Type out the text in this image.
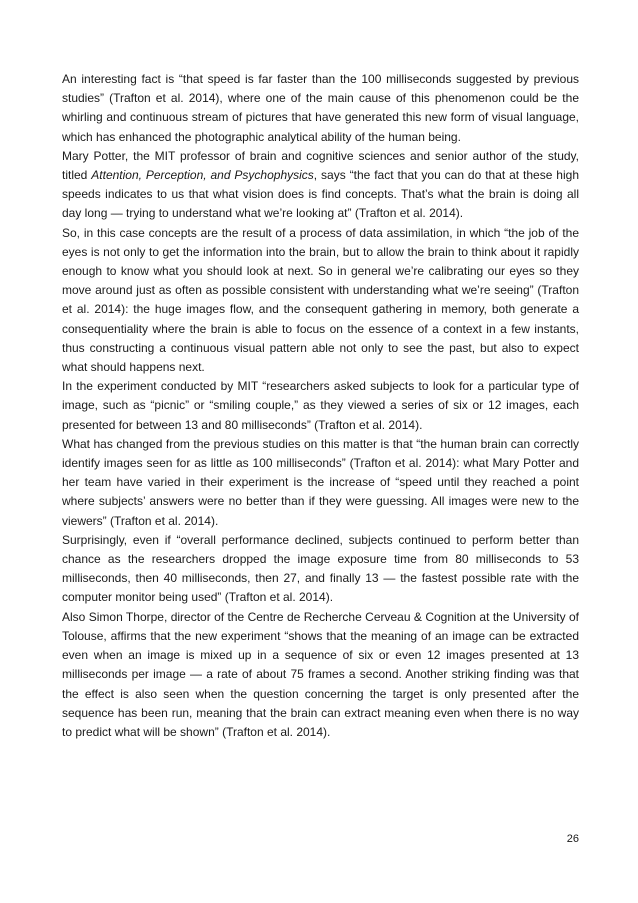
An interesting fact is “that speed is far faster than the 100 milliseconds suggested by previous studies” (Trafton et al. 2014), where one of the main cause of this phenomenon could be the whirling and continuous stream of pictures that have generated this new form of visual language, which has enhanced the photographic analytical ability of the human being.

Mary Potter, the MIT professor of brain and cognitive sciences and senior author of the study, titled Attention, Perception, and Psychophysics, says “the fact that you can do that at these high speeds indicates to us that what vision does is find concepts. That’s what the brain is doing all day long — trying to understand what we’re looking at” (Trafton et al. 2014).

So, in this case concepts are the result of a process of data assimilation, in which “the job of the eyes is not only to get the information into the brain, but to allow the brain to think about it rapidly enough to know what you should look at next. So in general we’re calibrating our eyes so they move around just as often as possible consistent with understanding what we’re seeing” (Trafton et al. 2014): the huge images flow, and the consequent gathering in memory, both generate a consequentiality where the brain is able to focus on the essence of a context in a few instants, thus constructing a continuous visual pattern able not only to see the past, but also to expect what should happens next.

In the experiment conducted by MIT “researchers asked subjects to look for a particular type of image, such as “picnic” or “smiling couple,” as they viewed a series of six or 12 images, each presented for between 13 and 80 milliseconds” (Trafton et al. 2014).

What has changed from the previous studies on this matter is that “the human brain can correctly identify images seen for as little as 100 milliseconds” (Trafton et al. 2014): what Mary Potter and her team have varied in their experiment is the increase of “speed until they reached a point where subjects’ answers were no better than if they were guessing. All images were new to the viewers” (Trafton et al. 2014).

Surprisingly, even if “overall performance declined, subjects continued to perform better than chance as the researchers dropped the image exposure time from 80 milliseconds to 53 milliseconds, then 40 milliseconds, then 27, and finally 13 — the fastest possible rate with the computer monitor being used” (Trafton et al. 2014).

Also Simon Thorpe, director of the Centre de Recherche Cerveau & Cognition at the University of Tolouse, affirms that the new experiment “shows that the meaning of an image can be extracted even when an image is mixed up in a sequence of six or even 12 images presented at 13 milliseconds per image — a rate of about 75 frames a second. Another striking finding was that the effect is also seen when the question concerning the target is only presented after the sequence has been run, meaning that the brain can extract meaning even when there is no way to predict what will be shown” (Trafton et al. 2014).

26
